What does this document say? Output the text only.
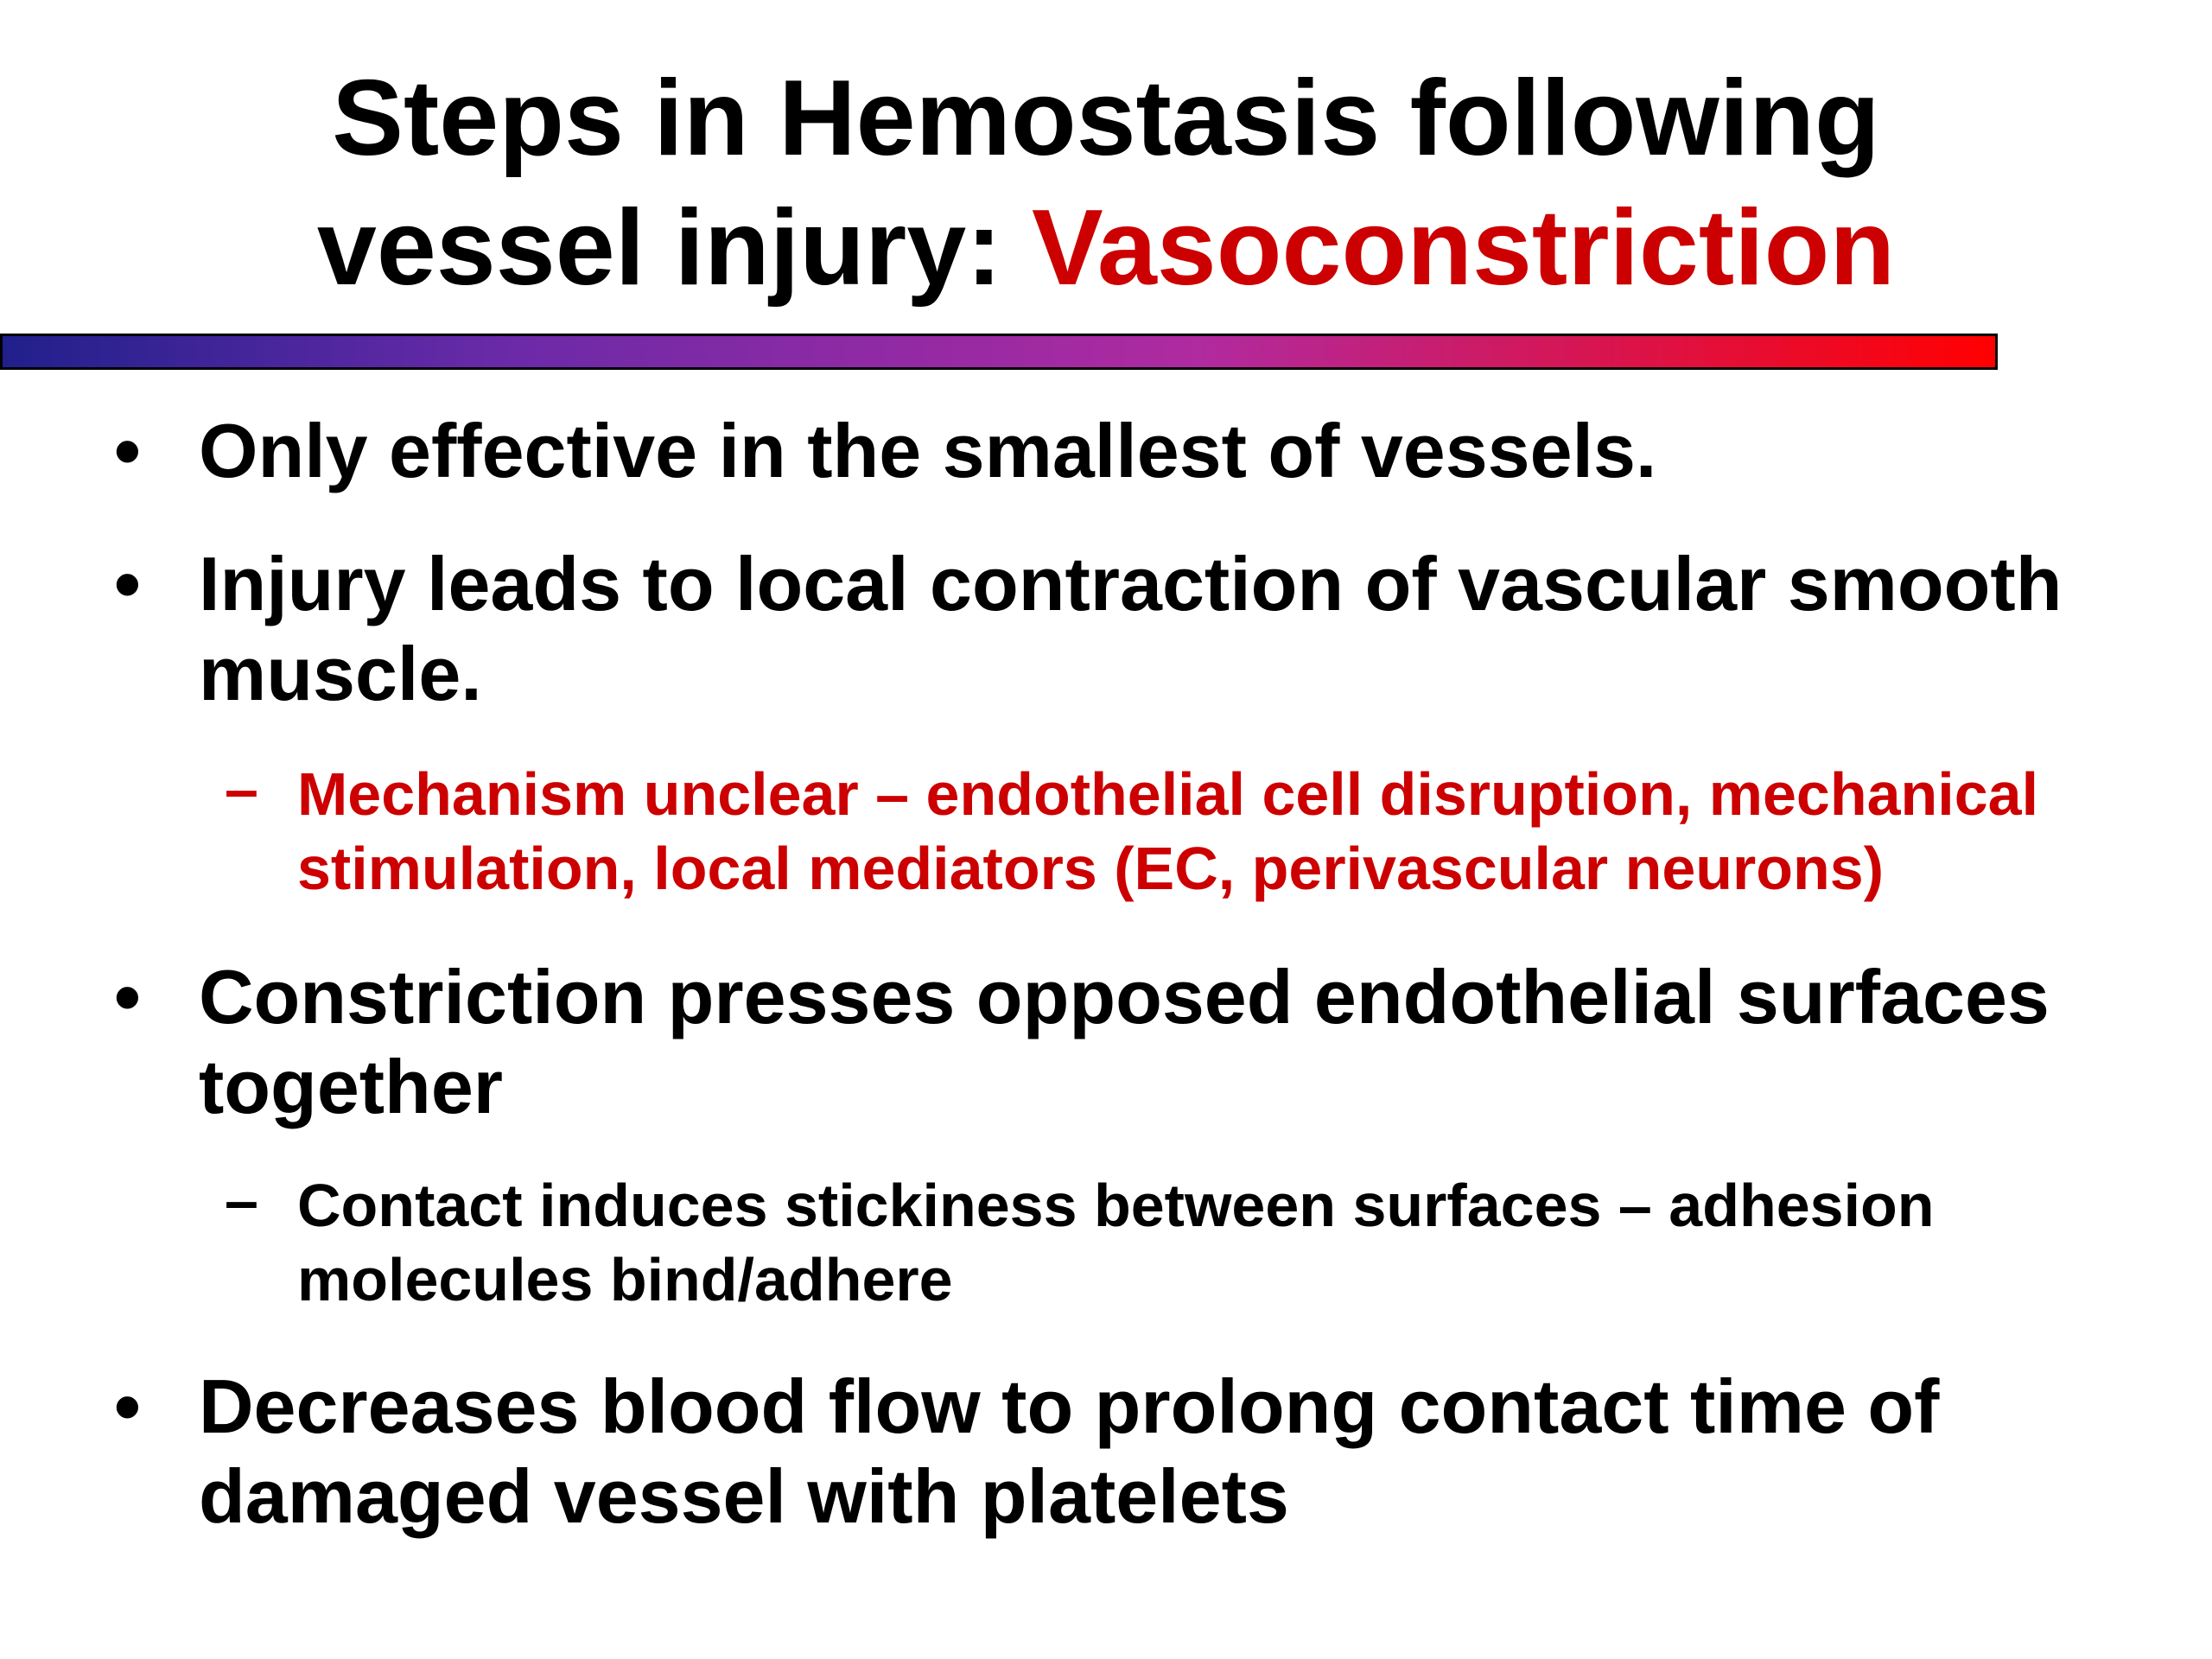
Steps in Hemostasis following
vessel injury: Vasoconstriction
• Only effective in the smallest of vessels.
• Injury leads to local contraction of vascular smooth muscle.
– Mechanism unclear – endothelial cell disruption, mechanical stimulation, local mediators (EC, perivascular neurons)
• Constriction presses opposed endothelial surfaces together
– Contact induces stickiness between surfaces – adhesion molecules bind/adhere
• Decreases blood flow to prolong contact time of damaged vessel with platelets
